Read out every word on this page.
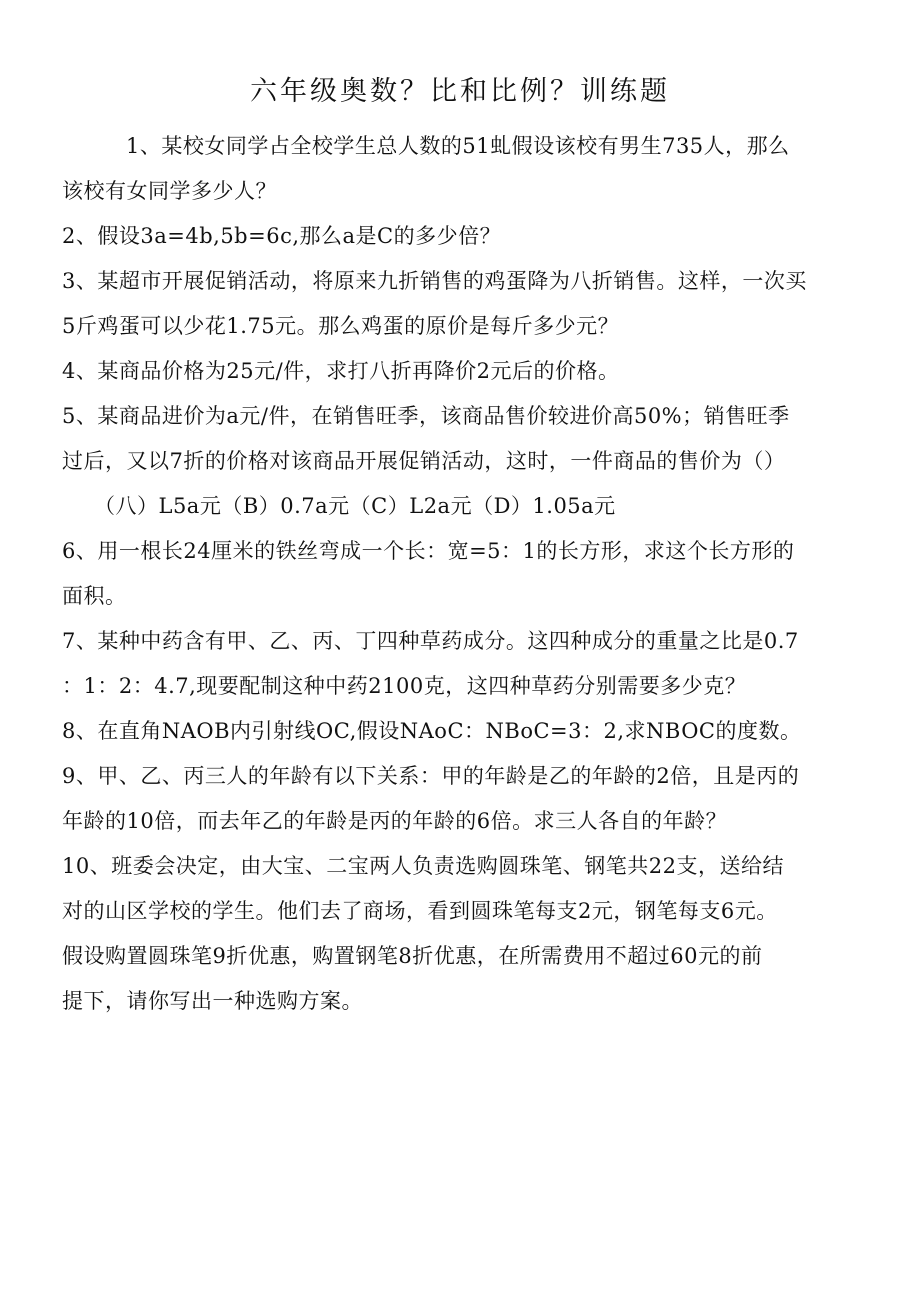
六年级奥数？比和比例？训练题
1、某校女同学占全校学生总人数的51虬假设该校有男生735人，那么
该校有女同学多少人？
2、假设3a=4b,5b=6c,那么a是C的多少倍？
3、某超市开展促销活动，将原来九折销售的鸡蛋降为八折销售。这样，一次买
5斤鸡蛋可以少花1.75元。那么鸡蛋的原价是每斤多少元？
4、某商品价格为25元/件，求打八折再降价2元后的价格。
5、某商品进价为a元/件，在销售旺季，该商品售价较进价高50%；销售旺季
过后，又以7折的价格对该商品开展促销活动，这时，一件商品的售价为（）
（八）L5a元（B）0.7a元（C）L2a元（D）1.05a元
6、用一根长24厘米的铁丝弯成一个长：宽=5：1的长方形，求这个长方形的
面积。
7、某种中药含有甲、乙、丙、丁四种草药成分。这四种成分的重量之比是0.7
：1：2：4.7,现要配制这种中药2100克，这四种草药分别需要多少克？
8、在直角NAOB内引射线OC,假设NAoC：NBoC=3：2,求NBOC的度数。
9、甲、乙、丙三人的年龄有以下关系：甲的年龄是乙的年龄的2倍，且是丙的
年龄的10倍，而去年乙的年龄是丙的年龄的6倍。求三人各自的年龄？
10、班委会决定，由大宝、二宝两人负责选购圆珠笔、钢笔共22支，送给结
对的山区学校的学生。他们去了商场，看到圆珠笔每支2元，钢笔每支6元。
假设购置圆珠笔9折优惠，购置钢笔8折优惠，在所需费用不超过60元的前
提下，请你写出一种选购方案。
